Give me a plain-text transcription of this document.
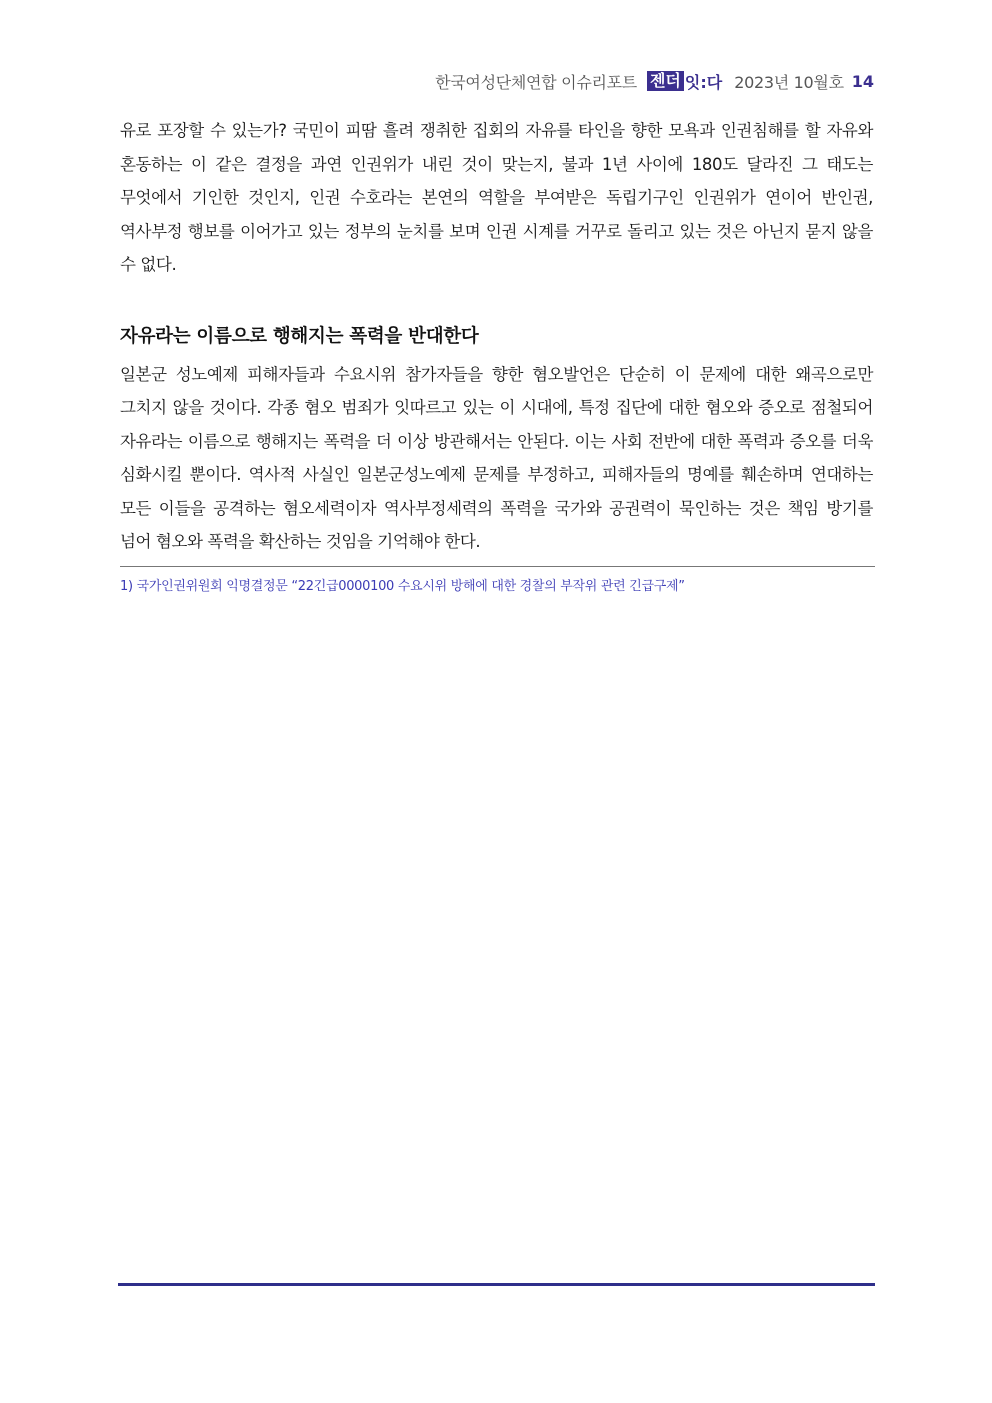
한국여성단체연합 이슈리포트 젠더 잇:다 2023년 10월호 14

유로 포장할 수 있는가? 국민이 피땀 흘려 쟁취한 집회의 자유를 타인을 향한 모욕과 인권침해를 할 자유와 혼동하는 이 같은 결정을 과연 인권위가 내린 것이 맞는지, 불과 1년 사이에 180도 달라진 그 태도는 무엇에서 기인한 것인지, 인권 수호라는 본연의 역할을 부여받은 독립기구인 인권위가 연이어 반인권, 역사부정 행보를 이어가고 있는 정부의 눈치를 보며 인권 시계를 거꾸로 돌리고 있는 것은 아닌지 묻지 않을 수 없다.

자유라는 이름으로 행해지는 폭력을 반대한다

일본군 성노예제 피해자들과 수요시위 참가자들을 향한 혐오발언은 단순히 이 문제에 대한 왜곡으로만 그치지 않을 것이다. 각종 혐오 범죄가 잇따르고 있는 이 시대에, 특정 집단에 대한 혐오와 증오로 점철되어 자유라는 이름으로 행해지는 폭력을 더 이상 방관해서는 안된다. 이는 사회 전반에 대한 폭력과 증오를 더욱 심화시킬 뿐이다. 역사적 사실인 일본군성노예제 문제를 부정하고, 피해자들의 명예를 훼손하며 연대하는 모든 이들을 공격하는 혐오세력이자 역사부정세력의 폭력을 국가와 공권력이 묵인하는 것은 책임 방기를 넘어 혐오와 폭력을 확산하는 것임을 기억해야 한다.

1) 국가인권위원회 익명결정문 “22긴급0000100 수요시위 방해에 대한 경찰의 부작위 관련 긴급구제”
